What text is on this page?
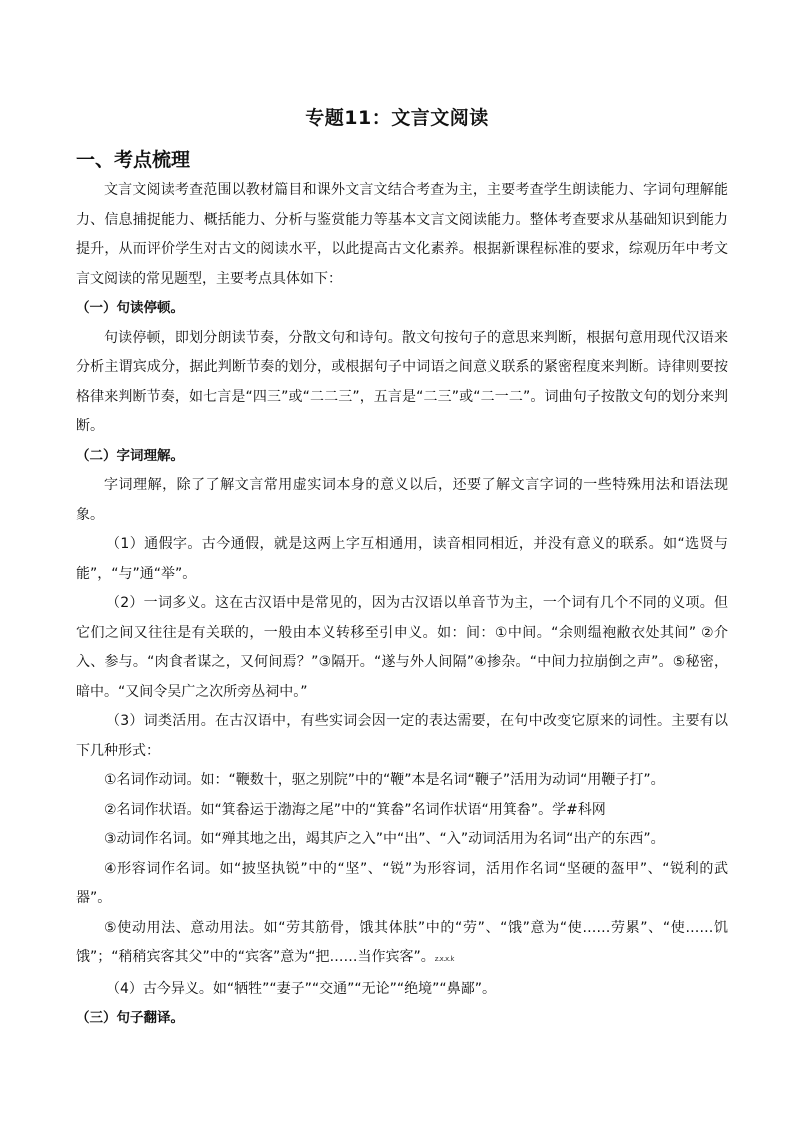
专题11：文言文阅读
一、考点梳理

文言文阅读考查范围以教材篇目和课外文言文结合考查为主，主要考查学生朗读能力、字词句理解能力、信息捕捉能力、概括能力、分析与鉴赏能力等基本文言文阅读能力。整体考查要求从基础知识到能力提升，从而评价学生对古文的阅读水平，以此提高古文化素养。根据新课程标准的要求，综观历年中考文言文阅读的常见题型，主要考点具体如下：

（一）句读停顿。

句读停顿，即划分朗读节奏，分散文句和诗句。散文句按句子的意思来判断，根据句意用现代汉语来分析主谓宾成分，据此判断节奏的划分，或根据句子中词语之间意义联系的紧密程度来判断。诗律则要按格律来判断节奏，如七言是“四三”或“二二三”，五言是“二三”或“二一二”。词曲句子按散文句的划分来判断。

（二）字词理解。

字词理解，除了了解文言常用虚实词本身的意义以后，还要了解文言字词的一些特殊用法和语法现象。

（1）通假字。古今通假，就是这两上字互相通用，读音相同相近，并没有意义的联系。如“选贤与能”，“与”通“举”。

（2）一词多义。这在古汉语中是常见的，因为古汉语以单音节为主，一个词有几个不同的义项。但它们之间又往往是有关联的，一般由本义转移至引申义。如：间：①中间。“余则缊袍敝衣处其间” ②介入、参与。“肉食者谋之，又何间焉？”③隔开。“遂与外人间隔”④掺杂。“中间力拉崩倒之声”。⑤秘密，暗中。“又间令吴广之次所旁丛祠中。”

（3）词类活用。在古汉语中，有些实词会因一定的表达需要，在句中改变它原来的词性。主要有以下几种形式：

①名词作动词。如：“鞭数十，驱之别院”中的“鞭”本是名词“鞭子”活用为动词“用鞭子打”。

②名词作状语。如“箕畚运于渤海之尾”中的“箕畚”名词作状语“用箕畚”。学#科网

③动词作名词。如“殚其地之出，竭其庐之入”中“出”、“入”动词活用为名词“出产的东西”。

④形容词作名词。如“披坚执锐”中的“坚”、“锐”为形容词，活用作名词“坚硬的盔甲”、“锐利的武器”。

⑤使动用法、意动用法。如“劳其筋骨，饿其体肤”中的“劳”、“饿”意为“使……劳累”、“使……饥饿”；“稍稍宾客其父”中的“宾客”意为“把……当作宾客”。z.x.x.k

（4）古今异义。如“牺牲”“妻子”“交通”“无论”“绝境”“鼻鄙”。

（三）句子翻译。
